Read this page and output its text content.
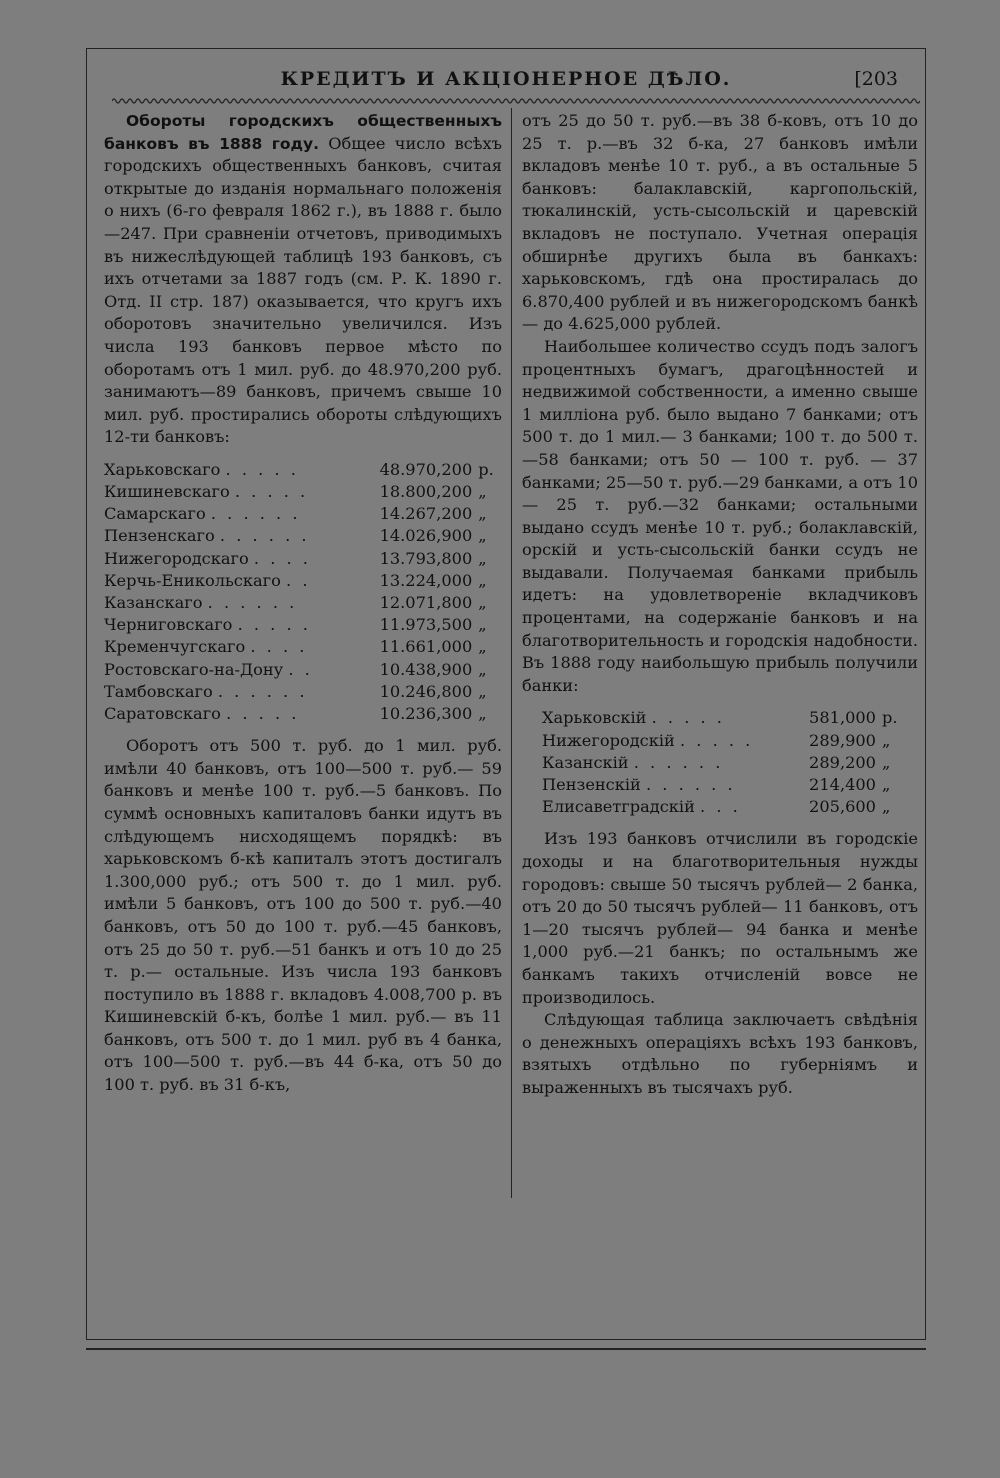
КРЕДИТЪ И АКЦІОНЕРНОЕ ДѢЛО.	[203

Обороты городскихъ общественныхъ банковъ въ 1888 году. Общее число всѣхъ городскихъ общественныхъ банковъ, считая открытые до изданія нормальнаго положенія о нихъ (6-го февраля 1862 г.), въ 1888 г. было—247. При сравненіи отчетовъ, приводимыхъ въ нижеслѣдующей таблицѣ 193 банковъ, съ ихъ отчетами за 1887 годъ (см. Р. К. 1890 г. Отд. II стр. 187) оказывается, что кругъ ихъ оборотовъ значительно увеличился. Изъ числа 193 банковъ первое мѣсто по оборотамъ отъ 1 мил. руб. до 48.970,200 руб. занимаютъ—89 банковъ, причемъ свыше 10 мил. руб. простирались обороты слѣдующихъ 12-ти банковъ:

Харьковскаго . . . . .	48.970,200 р.
Кишиневскаго . . . . .	18.800,200 „
Самарскаго . . . . . .	14.267,200 „
Пензенскаго . . . . . .	14.026,900 „
Нижегородскаго . . . .	13.793,800 „
Керчь-Еникольскаго . .	13.224,000 „
Казанскаго . . . . . .	12.071,800 „
Черниговскаго . . . . .	11.973,500 „
Кременчугскаго . . . .	11.661,000 „
Ростовскаго-на-Дону . .	10.438,900 „
Тамбовскаго . . . . . .	10.246,800 „
Саратовскаго . . . . .	10.236,300 „

Оборотъ отъ 500 т. руб. до 1 мил. руб. имѣли 40 банковъ, отъ 100—500 т. руб.— 59 банковъ и менѣе 100 т. руб.—5 банковъ. По суммѣ основныхъ капиталовъ банки идутъ въ слѣдующемъ нисходящемъ порядкѣ: въ харьковскомъ б-кѣ капиталъ этотъ достигалъ 1.300,000 руб.; отъ 500 т. до 1 мил. руб. имѣли 5 банковъ, отъ 100 до 500 т. руб.—40 банковъ, отъ 50 до 100 т. руб.—45 банковъ, отъ 25 до 50 т. руб.—51 банкъ и отъ 10 до 25 т. р.— остальные. Изъ числа 193 банковъ поступило въ 1888 г. вкладовъ 4.008,700 р. въ Кишиневскій б-къ, болѣе 1 мил. руб.— въ 11 банковъ, отъ 500 т. до 1 мил. руб въ 4 банка, отъ 100—500 т. руб.—въ 44 б-ка, отъ 50 до 100 т. руб. въ 31 б-къ,

отъ 25 до 50 т. руб.—въ 38 б-ковъ, отъ 10 до 25 т. р.—въ 32 б-ка, 27 банковъ имѣли вкладовъ менѣе 10 т. руб., а въ остальные 5 банковъ: балаклавскій, каргопольскій, тюкалинскій, усть-сысольскій и царевскій вкладовъ не поступало. Учетная операція обширнѣе другихъ была въ банкахъ: харьковскомъ, гдѣ она простиралась до 6.870,400 рублей и въ нижегородскомъ банкѣ — до 4.625,000 рублей.

Наибольшее количество ссудъ подъ залогъ процентныхъ бумагъ, драгоцѣнностей и недвижимой собственности, а именно свыше 1 милліона руб. было выдано 7 банками; отъ 500 т. до 1 мил.— 3 банками; 100 т. до 500 т.—58 банками; отъ 50 — 100 т. руб. — 37 банками; 25—50 т. руб.—29 банками, а отъ 10— 25 т. руб.—32 банками; остальными выдано ссудъ менѣе 10 т. руб.; болаклавскій, орскій и усть-сысольскій банки ссудъ не выдавали. Получаемая банками прибыль идетъ: на удовлетвореніе вкладчиковъ процентами, на содержаніе банковъ и на благотворительность и городскія надобности. Въ 1888 году наибольшую прибыль получили банки:

Харьковскій . . . . .	581,000 р.
Нижегородскій . . . . .	289,900 „
Казанскій . . . . . .	289,200 „
Пензенскій . . . . . .	214,400 „
Елисаветградскій . . .	205,600 „

Изъ 193 банковъ отчислили въ городскіе доходы и на благотворительныя нужды городовъ: свыше 50 тысячъ рублей— 2 банка, отъ 20 до 50 тысячъ рублей— 11 банковъ, отъ 1—20 тысячъ рублей— 94 банка и менѣе 1,000 руб.—21 банкъ; по остальнымъ же банкамъ такихъ отчисленій вовсе не производилось.

Слѣдующая таблица заключаетъ свѣдѣнія о денежныхъ операціяхъ всѣхъ 193 банковъ, взятыхъ отдѣльно по губерніямъ и выраженныхъ въ тысячахъ руб.
